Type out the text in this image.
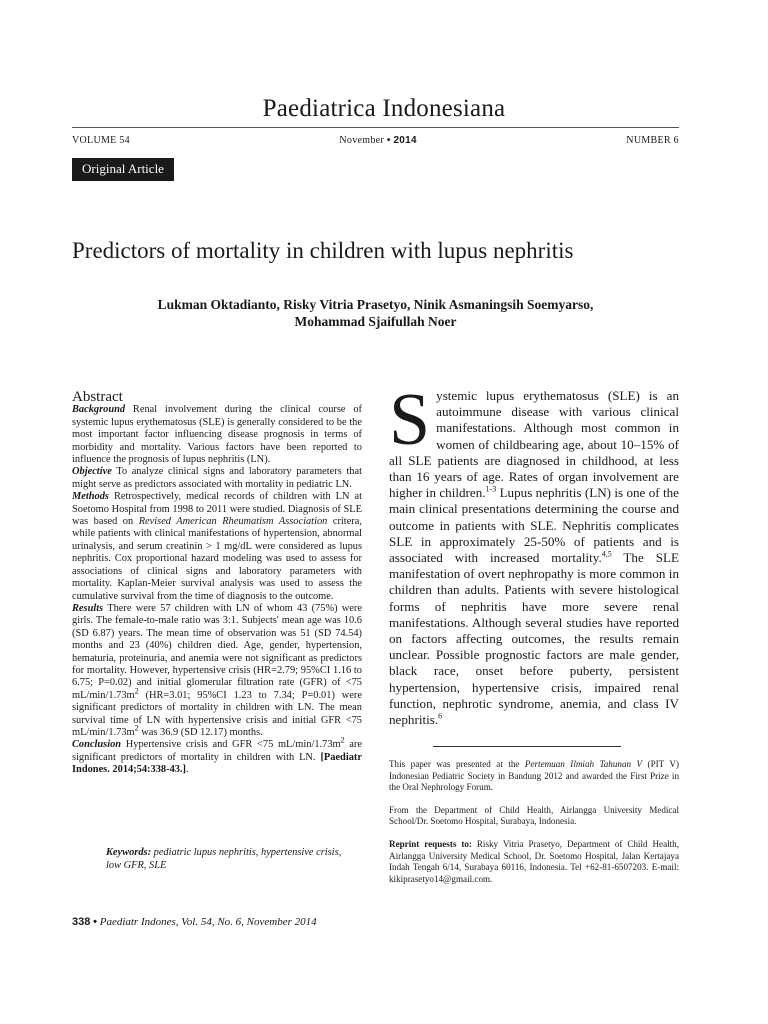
Paediatrica Indonesiana
VOLUME 54	November • 2014	NUMBER 6
Original Article
Predictors of mortality in children with lupus nephritis
Lukman Oktadianto, Risky Vitria Prasetyo, Ninik Asmaningsih Soemyarso,
Mohammad Sjaifullah Noer
Abstract

Background Renal involvement during the clinical course of systemic lupus erythematosus (SLE) is generally considered to be the most important factor influencing disease prognosis in terms of morbidity and mortality. Various factors have been reported to influence the prognosis of lupus nephritis (LN).

Objective To analyze clinical signs and laboratory parameters that might serve as predictors associated with mortality in pediatric LN.

Methods Retrospectively, medical records of children with LN at Soetomo Hospital from 1998 to 2011 were studied. Diagnosis of SLE was based on Revised American Rheumatism Association critera, while patients with clinical manifestations of hypertension, abnormal urinalysis, and serum creatinin > 1 mg/dL were considered as lupus nephritis. Cox proportional hazard modeling was used to assess for associations of clinical signs and laboratory parameters with mortality. Kaplan-Meier survival analysis was used to assess the cumulative survival from the time of diagnosis to the outcome.

Results There were 57 children with LN of whom 43 (75%) were girls. The female-to-male ratio was 3:1. Subjects' mean age was 10.6 (SD 6.87) years. The mean time of observation was 51 (SD 74.54) months and 23 (40%) children died. Age, gender, hypertension, hematuria, proteinuria, and anemia were not significant as predictors for mortality. However, hypertensive crisis (HR=2.79; 95%CI 1.16 to 6.75; P=0.02) and initial glomerular filtration rate (GFR) of <75 $mL/\min/1.73m^2$ (HR=3.01; 95%CI 1.23 to 7.34; P=0.01) were significant predictors of mortality in children with LN. The mean survival time of LN with hypertensive crisis and initial GFR <75 $mL/\min/1.73m^2$ was 36.9 (SD 12.17) months.

Conclusion Hypertensive crisis and GFR <75 $mL/\min/1.73m^2$ are significant predictors of mortality in children with LN. [Paediatr Indones. 2014;54:338-43.].

Keywords: pediatric lupus nephritis, hypertensive crisis, low GFR, SLE
Systemic lupus erythematosus (SLE) is an autoimmune disease with various clinical manifestations. Although most common in women of childbearing age, about 10–15% of all SLE patients are diagnosed in childhood, at less than 16 years of age. Rates of organ involvement are higher in children.$^{1-3}$ Lupus nephritis (LN) is one of the main clinical presentations determining the course and outcome in patients with SLE. Nephritis complicates SLE in approximately 25-50% of patients and is associated with increased mortality.$^{4,5}$ The SLE manifestation of overt nephropathy is more common in children than adults. Patients with severe histological forms of nephritis have more severe renal manifestations. Although several studies have reported on factors affecting outcomes, the results remain unclear. Possible prognostic factors are male gender, black race, onset before puberty, persistent hypertension, hypertensive crisis, impaired renal function, nephrotic syndrome, anemia, and class IV nephritis.$^6$

This paper was presented at the Pertemuan Ilmiah Tahunan V (PIT V) Indonesian Pediatric Society in Bandung 2012 and awarded the First Prize in the Oral Nephrology Forum.

From the Department of Child Health, Airlangga University Medical School/Dr. Soetomo Hospital, Surabaya, Indonesia.

Reprint requests to: Risky Vitria Prasetyo, Department of Child Health, Airlangga University Medical School, Dr. Soetomo Hospital, Jalan Kertajaya Indah Tengah 6/14, Surabaya 60116, Indonesia. Tel +62-81-6507203. E-mail: kikiprasetyo14@gmail.com.

338 • Paediatr Indones, Vol. 54, No. 6, November 2014
